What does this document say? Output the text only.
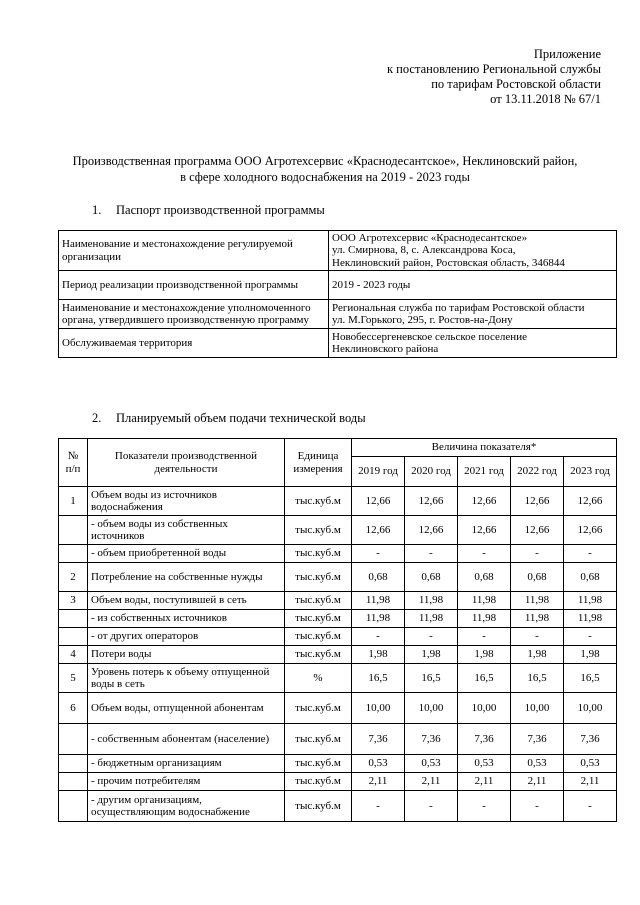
Приложение
к постановлению Региональной службы
по тарифам Ростовской области
от 13.11.2018 № 67/1
Производственная программа ООО Агротехсервис «Краснодесантское», Неклиновский район,
в сфере холодного водоснабжения на 2019 - 2023 годы
1. Паспорт производственной программы
Наименование и местонахождение регулируемой организации	ООО Агротехсервис «Краснодесантское»
ул. Смирнова, 8, с. Александрова Коса,
Неклиновский район, Ростовская область, 346844

Период реализации производственной программы	2019 - 2023 годы

Наименование и местонахождение уполномоченного органа, утвердившего производственную программу	Региональная служба по тарифам Ростовской области
ул. М.Горького, 295, г. Ростов-на-Дону

Обслуживаемая территория	Новобессергеневское сельское поселение
Неклиновского района
2. Планируемый объем подачи технической воды
№ п/п	Показатели производственной деятельности	Единица измерения	Величина показателя*				
			2019 год	2020 год	2021 год	2022 год	2023 год
1	Объем воды из источников водоснабжения	тыс.куб.м	12,66	12,66	12,66	12,66	12,66
	- объем воды из собственных источников	тыс.куб.м	12,66	12,66	12,66	12,66	12,66
	- объем приобретенной воды	тыс.куб.м	-	-	-	-	-
2	Потребление на собственные нужды	тыс.куб.м	0,68	0,68	0,68	0,68	0,68
3	Объем воды, поступившей в сеть	тыс.куб.м	11,98	11,98	11,98	11,98	11,98
	- из собственных источников	тыс.куб.м	11,98	11,98	11,98	11,98	11,98
	- от других операторов	тыс.куб.м	-	-	-	-	-
4	Потери воды	тыс.куб.м	1,98	1,98	1,98	1,98	1,98
5	Уровень потерь к объему отпущенной воды в сеть	%	16,5	16,5	16,5	16,5	16,5
6	Объем воды, отпущенной абонентам	тыс.куб.м	10,00	10,00	10,00	10,00	10,00
	- собственным абонентам (население)	тыс.куб.м	7,36	7,36	7,36	7,36	7,36
	- бюджетным организациям	тыс.куб.м	0,53	0,53	0,53	0,53	0,53
	- прочим потребителям	тыс.куб.м	2,11	2,11	2,11	2,11	2,11
	- другим организациям, осуществляющим водоснабжение	тыс.куб.м	-	-	-	-	-
